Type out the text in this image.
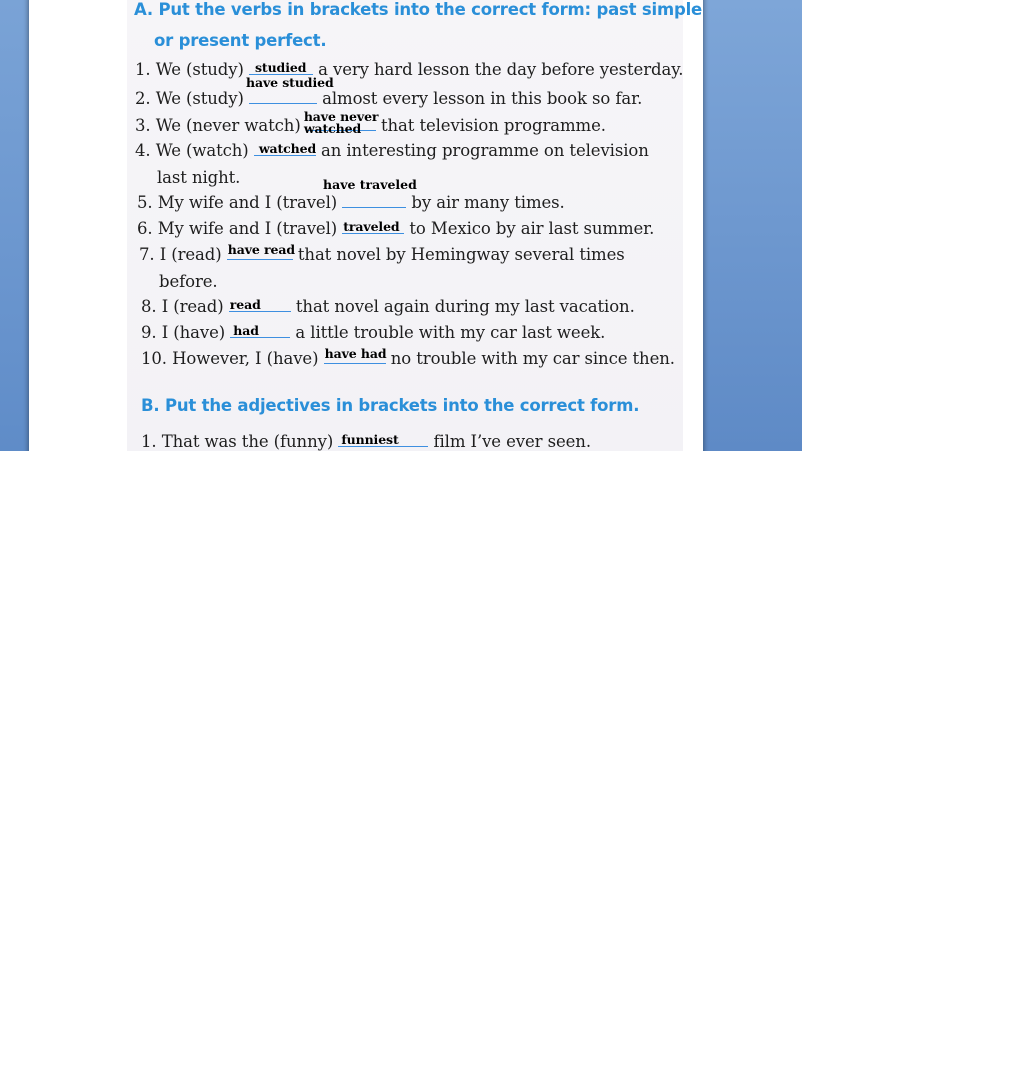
A. Put the verbs in brackets into the correct form: past simple
or present perfect.
1. We (study) studied a very hard lesson the day before yesterday.
2. We (study)
have studied
almost every lesson in this book so far.
3. We (never watch) have never
watched that television programme.
4. We (watch) watched an interesting programme on television
last night.	have traveled
5. My wife and I (travel)	by air many times.
6. My wife and I (travel) traveled to Mexico by air last summer.
7. I (read) have read that novel by Hemingway several times
before.
8. I (read) read that novel again during my last vacation.
9. I (have) had a little trouble with my car last week.
10. However, I (have) have had no trouble with my car since then.
B. Put the adjectives in brackets into the correct form.
1. That was the (funny) funniest film I’ve ever seen.
